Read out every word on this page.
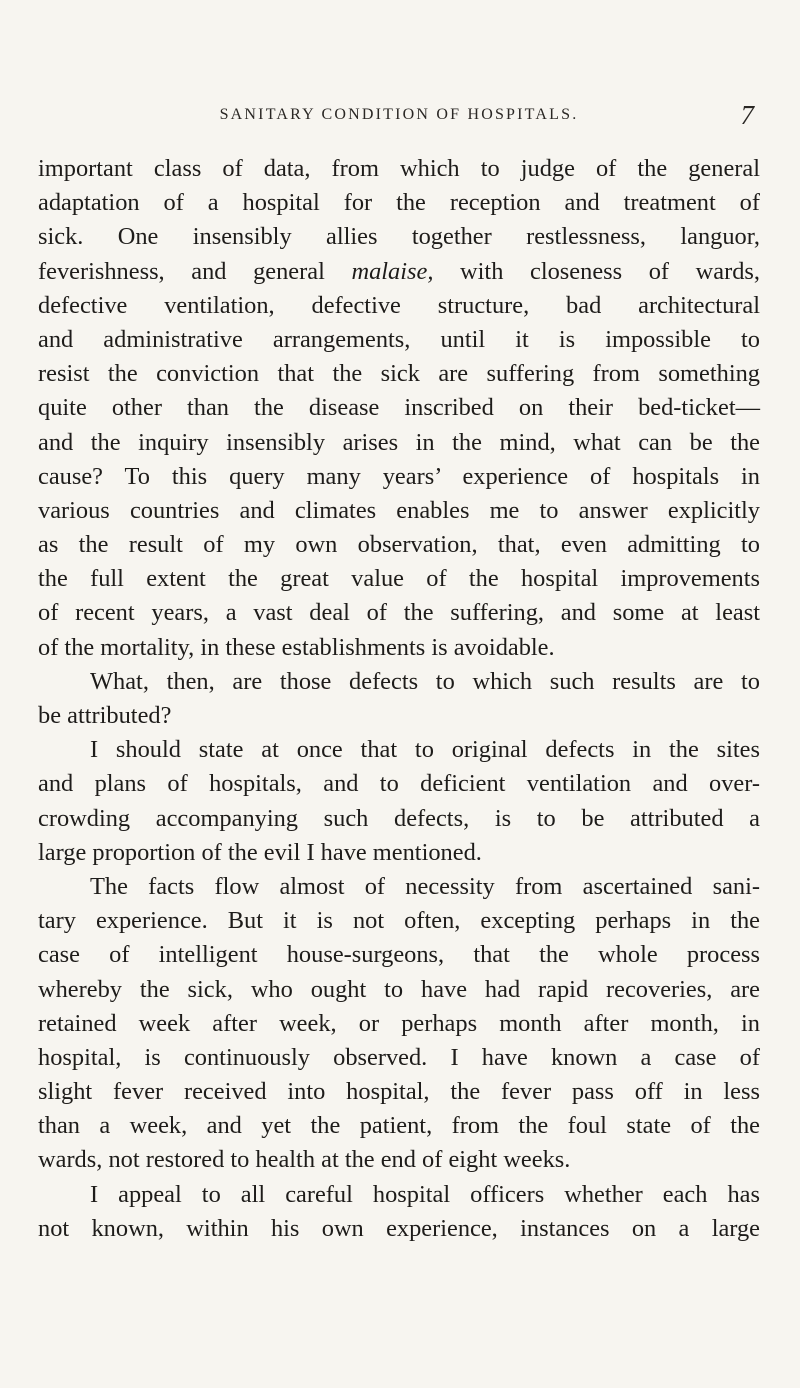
SANITARY CONDITION OF HOSPITALS.	7
important class of data, from which to judge of the general
adaptation of a hospital for the reception and treatment of
sick. One insensibly allies together restlessness, languor,
feverishness, and general malaise, with closeness of wards,
defective ventilation, defective structure, bad architectural
and administrative arrangements, until it is impossible to
resist the conviction that the sick are suffering from something
quite other than the disease inscribed on their bed-ticket—
and the inquiry insensibly arises in the mind, what can be the
cause? To this query many years’ experience of hospitals in
various countries and climates enables me to answer explicitly
as the result of my own observation, that, even admitting to
the full extent the great value of the hospital improvements
of recent years, a vast deal of the suffering, and some at least
of the mortality, in these establishments is avoidable.
What, then, are those defects to which such results are to
be attributed?
I should state at once that to original defects in the sites
and plans of hospitals, and to deficient ventilation and over-
crowding accompanying such defects, is to be attributed a
large proportion of the evil I have mentioned.
The facts flow almost of necessity from ascertained sani-
tary experience. But it is not often, excepting perhaps in the
case of intelligent house-surgeons, that the whole process
whereby the sick, who ought to have had rapid recoveries, are
retained week after week, or perhaps month after month, in
hospital, is continuously observed. I have known a case of
slight fever received into hospital, the fever pass off in less
than a week, and yet the patient, from the foul state of the
wards, not restored to health at the end of eight weeks.
I appeal to all careful hospital officers whether each has
not known, within his own experience, instances on a large
